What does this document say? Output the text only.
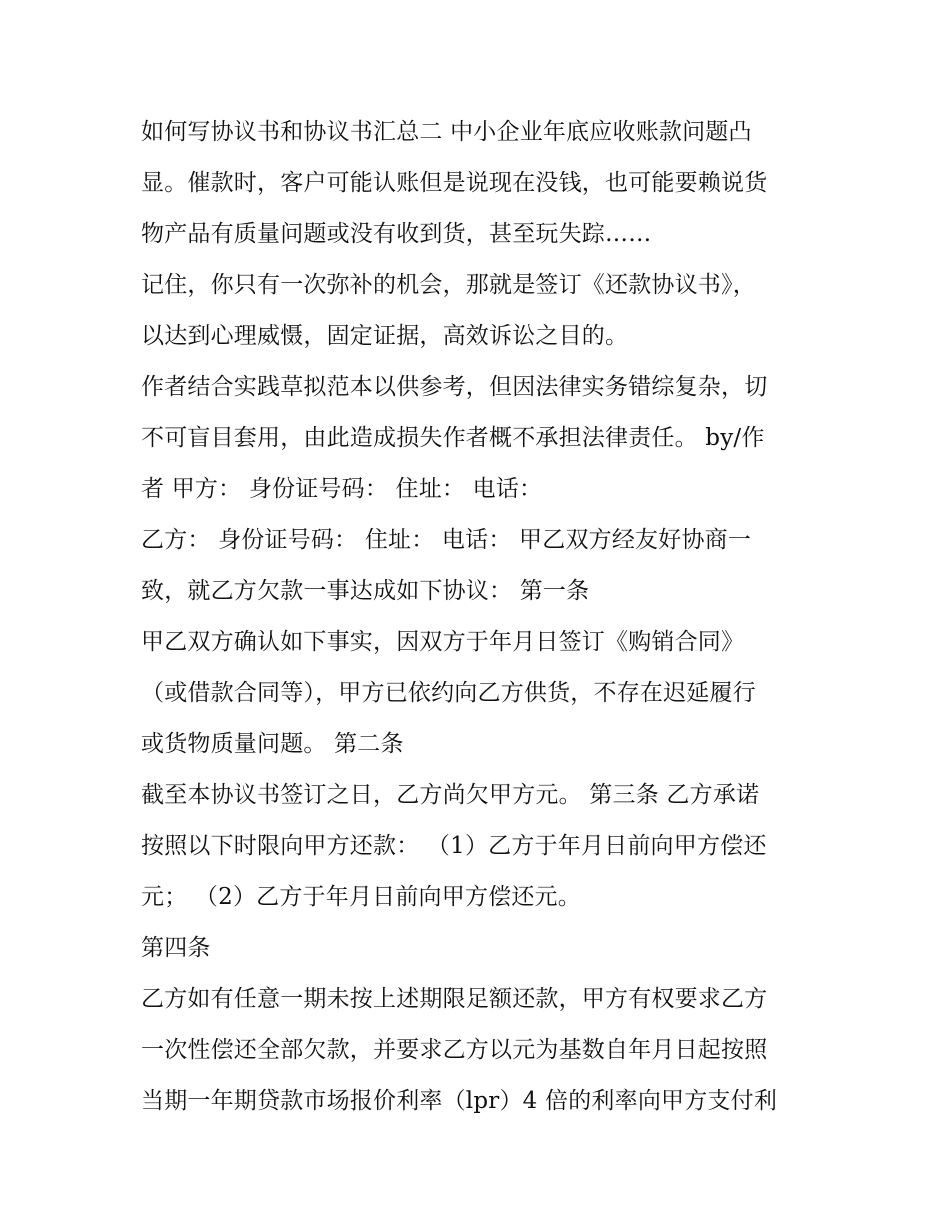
如何写协议书和协议书汇总二 中小企业年底应收账款问题凸
显。催款时，客户可能认账但是说现在没钱，也可能要赖说货
物产品有质量问题或没有收到货，甚至玩失踪……
记住，你只有一次弥补的机会，那就是签订《还款协议书》，
以达到心理威慑，固定证据，高效诉讼之目的。
作者结合实践草拟范本以供参考，但因法律实务错综复杂，切
不可盲目套用，由此造成损失作者概不承担法律责任。 by/作
者 甲方： 身份证号码： 住址： 电话：
乙方： 身份证号码： 住址： 电话： 甲乙双方经友好协商一
致，就乙方欠款一事达成如下协议： 第一条
甲乙双方确认如下事实，因双方于年月日签订《购销合同》
（或借款合同等），甲方已依约向乙方供货，不存在迟延履行
或货物质量问题。 第二条
截至本协议书签订之日，乙方尚欠甲方元。 第三条 乙方承诺
按照以下时限向甲方还款： （1）乙方于年月日前向甲方偿还
元； （2）乙方于年月日前向甲方偿还元。
第四条
乙方如有任意一期未按上述期限足额还款，甲方有权要求乙方
一次性偿还全部欠款，并要求乙方以元为基数自年月日起按照
当期一年期贷款市场报价利率（lpr）4 倍的利率向甲方支付利
